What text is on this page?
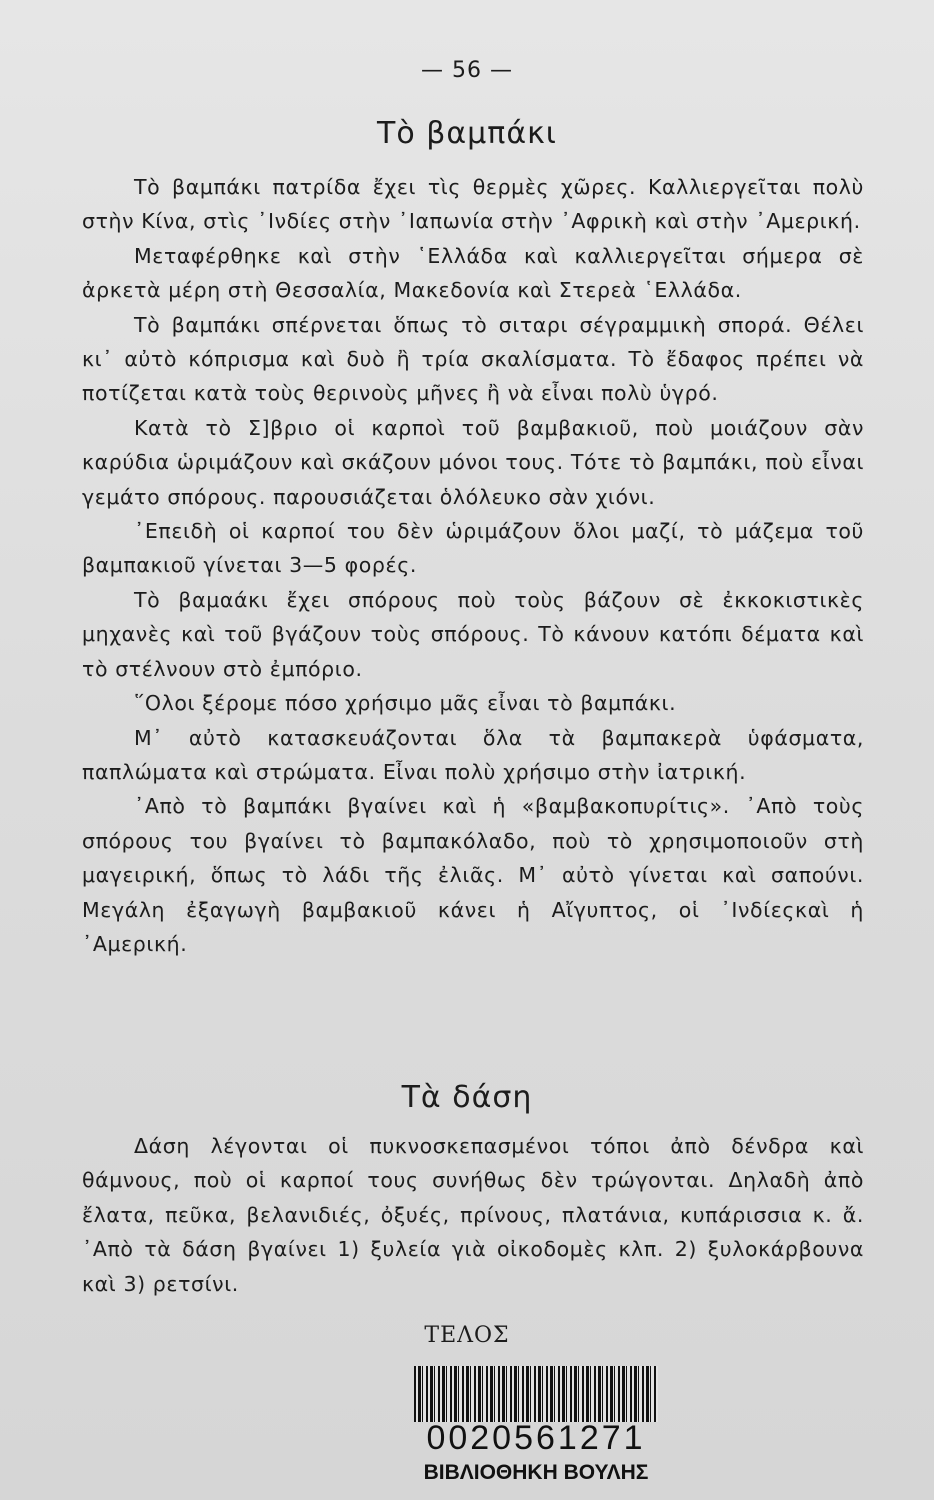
— 56 —
Τὸ βαμπάκι

Τὸ βαμπάκι πατρίδα ἔχει τὶς θερμὲς χῶρες. Καλλιεργεῖται πολὺ στὴν Κίνα, στὶς ᾿Ινδίες στὴν ᾿Ιαπωνία στὴν ᾿Αφρικὴ καὶ στὴν ᾿Αμερική.

Μεταφέρθηκε καὶ στὴν ῾Ελλάδα καὶ καλλιεργεῖται σήμερα σὲ ἀρκετὰ μέρη στὴ Θεσσαλία, Μακεδονία καὶ Στερεὰ ῾Ελλάδα.

Τὸ βαμπάκι σπέρνεται ὅπως τὸ σιταρι σέγραμμικὴ σπορά. Θέλει κι᾿ αὐτὸ κόπρισμα καὶ δυὸ ἢ τρία σκαλίσματα. Τὸ ἔδαφος πρέπει νὰ ποτίζεται κατὰ τοὺς θερινοὺς μῆνες ἢ νὰ εἶναι πολὺ ὑγρό.

Κατὰ τὸ Σ]βριο οἱ καρποὶ τοῦ βαμβακιοῦ, ποὺ μοιάζουν σὰν καρύδια ὡριμάζουν καὶ σκάζουν μόνοι τους. Τότε τὸ βαμπάκι, ποὺ εἶναι γεμάτο σπόρους. παρουσιάζεται ὁλόλευκο σὰν χιόνι.

᾿Επειδὴ οἱ καρποί του δὲν ὡριμάζουν ὅλοι μαζί, τὸ μάζεμα τοῦ βαμπακιοῦ γίνεται 3—5 φορές.

Τὸ βαμαάκι ἔχει σπόρους ποὺ τοὺς βάζουν σὲ ἐκκοκιστικὲς μηχανὲς καὶ τοῦ βγάζουν τοὺς σπόρους. Τὸ κάνουν κατόπι δέματα καὶ τὸ στέλνουν στὸ ἐμπόριο.

῞Ολοι ξέρομε πόσο χρήσιμο μᾶς εἶναι τὸ βαμπάκι.

Μ᾿ αὐτὸ κατασκευάζονται ὅλα τὰ βαμπακερὰ ὑφάσματα, παπλώματα καὶ στρώματα. Εἶναι πολὺ χρήσιμο στὴν ἰατρική.

᾿Απὸ τὸ βαμπάκι βγαίνει καὶ ἡ «βαμβακοπυρίτις». ᾿Απὸ τοὺς σπόρους του βγαίνει τὸ βαμπακόλαδο, ποὺ τὸ χρησιμοποιοῦν στὴ μαγειρική, ὅπως τὸ λάδι τῆς ἐλιᾶς. Μ᾿ αὐτὸ γίνεται καὶ σαπούνι. Μεγάλη ἐξαγωγὴ βαμβακιοῦ κάνει ἡ Αἴγυπτος, οἱ ᾿Ινδίεςκαὶ ἡ ᾿Αμερική.

Τὰ δάση

Δάση λέγονται οἱ πυκνοσκεπασμένοι τόποι ἀπὸ δένδρα καὶ θάμνους, ποὺ οἱ καρποί τους συνήθως δὲν τρώγονται. Δηλαδὴ ἀπὸ ἔλατα, πεῦκα, βελανιδιές, ὀξυές, πρίνους, πλατάνια, κυπάρισσια κ. ἄ. ᾿Απὸ τὰ δάση βγαίνει 1) ξυλεία γιὰ οἰκοδομὲς κλπ. 2) ξυλοκάρβουνα καὶ 3) ρετσίνι.

ΤΕΛΟΣ
0020561271
ΒΙΒΛΙΟΘΗΚΗ ΒΟΥΛΗΣ
